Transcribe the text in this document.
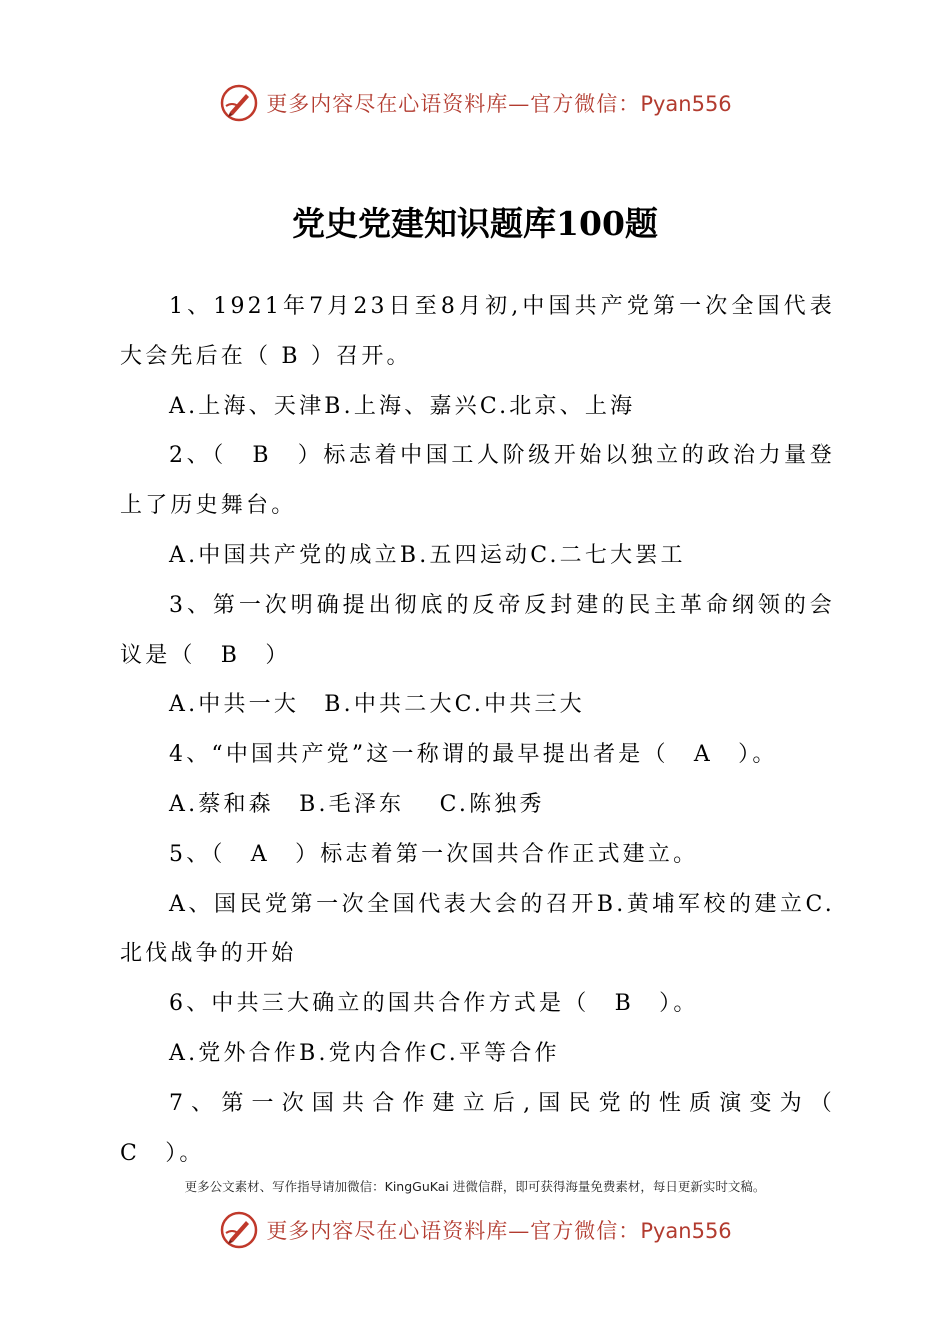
更多内容尽在心语资料库—官方微信：Pyan556
党史党建知识题库100题

1、1921年7月23日至8月初,中国共产党第一次全国代表大会先后在（ B ）召开。

A.上海、天津B.上海、嘉兴C.北京、上海

2、（　B　）标志着中国工人阶级开始以独立的政治力量登上了历史舞台。

A.中国共产党的成立B.五四运动C.二七大罢工

3、第一次明确提出彻底的反帝反封建的民主革命纲领的会议是（　B　）

A.中共一大　B.中共二大C.中共三大

4、“中国共产党”这一称谓的最早提出者是（　A　）。

A.蔡和森　B.毛泽东　 C.陈独秀

5、（　A　）标志着第一次国共合作正式建立。

A、国民党第一次全国代表大会的召开B.黄埔军校的建立C.北伐战争的开始

6、中共三大确立的国共合作方式是（　B　）。

A.党外合作B.党内合作C.平等合作

7、第一次国共合作建立后,国民党的性质演变为（　 C　）。

更多公文素材、写作指导请加微信：KingGuKai 进微信群，即可获得海量免费素材，每日更新实时文稿。
更多内容尽在心语资料库—官方微信：Pyan556
